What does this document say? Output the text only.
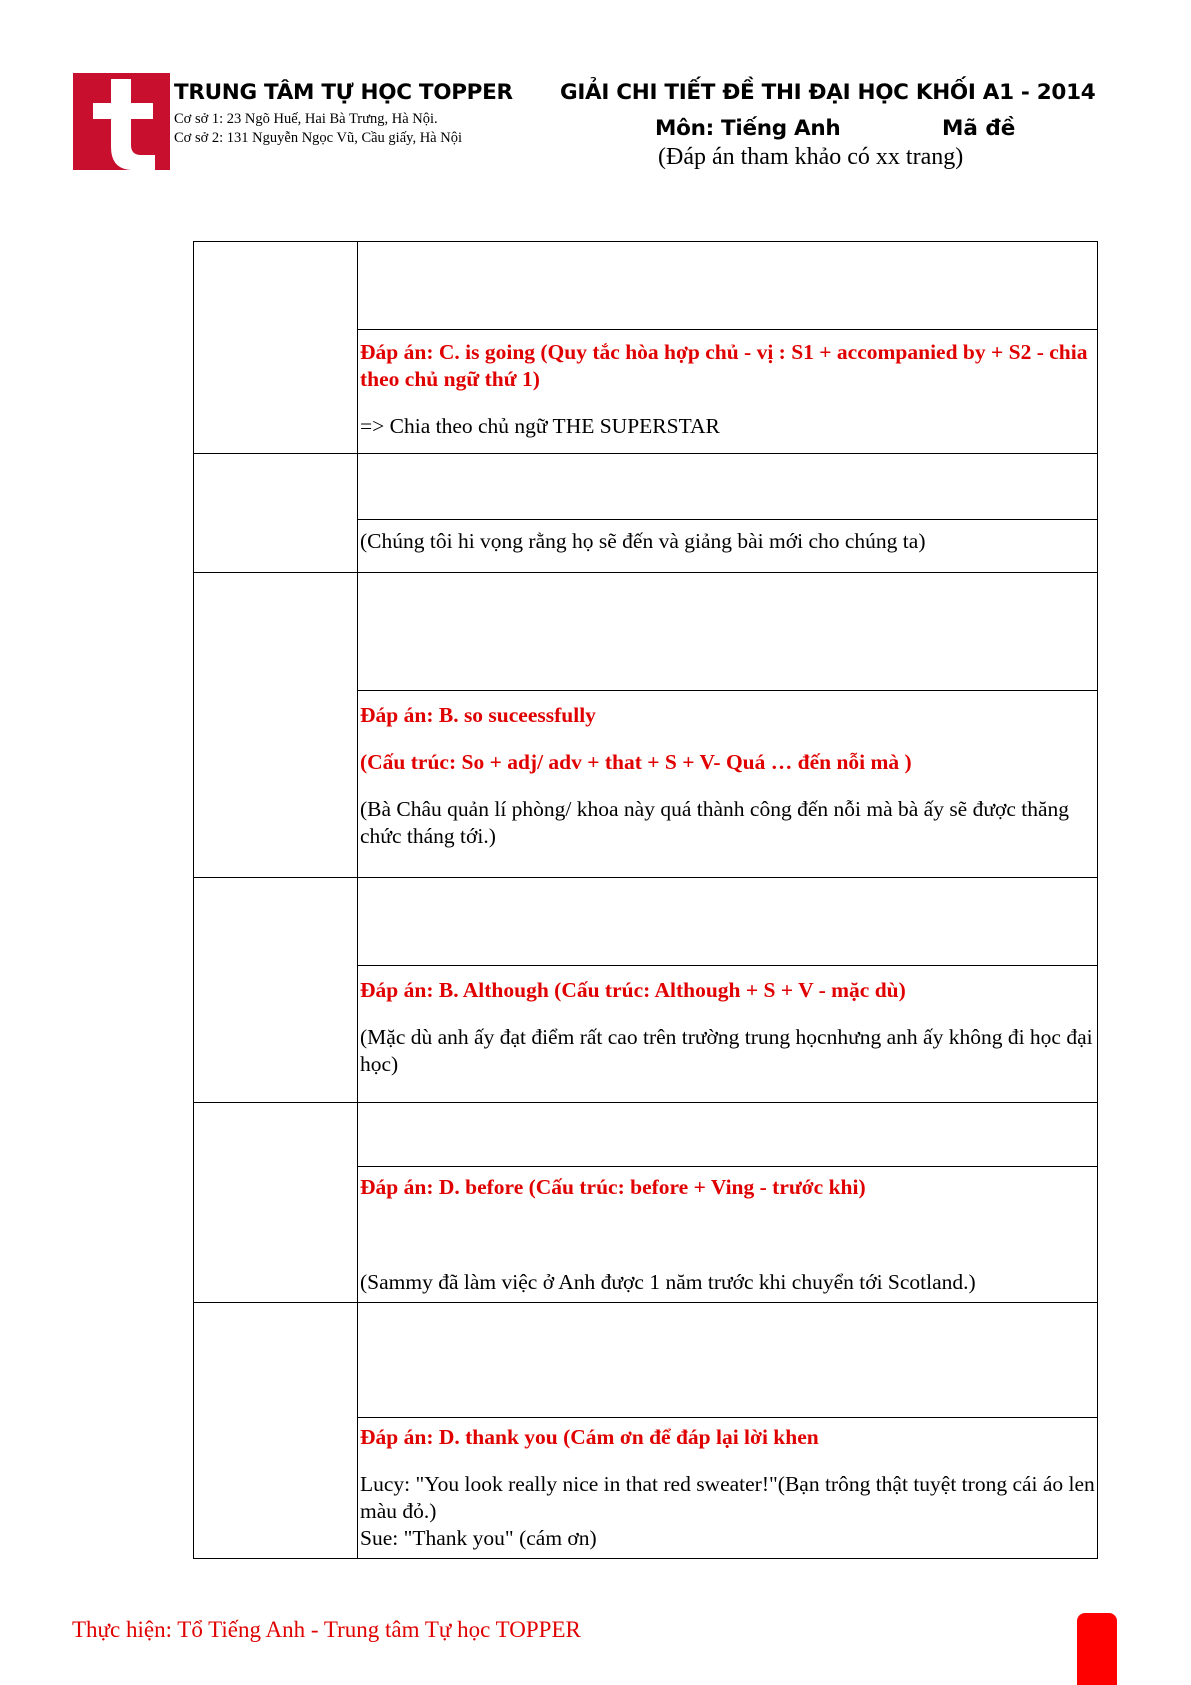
TRUNG TÂM TỰ HỌC TOPPER
Cơ sở 1: 23 Ngõ Huế, Hai Bà Trưng, Hà Nội.
Cơ sở 2: 131 Nguyễn Ngọc Vũ, Cầu giấy, Hà Nội
GIẢI CHI TIẾT ĐỀ THI ĐẠI HỌC KHỐI A1 - 2014
Môn: Tiếng Anh	Mã đề
(Đáp án tham khảo có xx trang)

	Đáp án: C. is going (Quy tắc hòa hợp chủ - vị : S1 + accompanied by + S2 - chia theo chủ ngữ thứ 1)

=> Chia theo chủ ngữ THE SUPERSTAR

	(Chúng tôi hi vọng rằng họ sẽ đến và giảng bài mới cho chúng ta)

	Đáp án: B. so suceessfully

(Cấu trúc: So + adj/ adv + that + S + V- Quá … đến nỗi mà )

(Bà Châu quản lí phòng/ khoa này quá thành công đến nỗi mà bà ấy sẽ được thăng chức tháng tới.)

	Đáp án: B. Although (Cấu trúc: Although + S + V - mặc dù)

(Mặc dù anh ấy đạt điểm rất cao trên trường trung họcnhưng anh ấy không đi học đại học)

	Đáp án: D. before (Cấu trúc: before + Ving - trước khi)

(Sammy đã làm việc ở Anh được 1 năm trước khi chuyển tới Scotland.)

	Đáp án: D. thank you (Cám ơn để đáp lại lời khen

Lucy: "You look really nice in that red sweater!"(Bạn trông thật tuyệt trong cái áo len màu đỏ.)

Sue: "Thank you" (cám ơn)

Thực hiện: Tổ Tiếng Anh - Trung tâm Tự học TOPPER
